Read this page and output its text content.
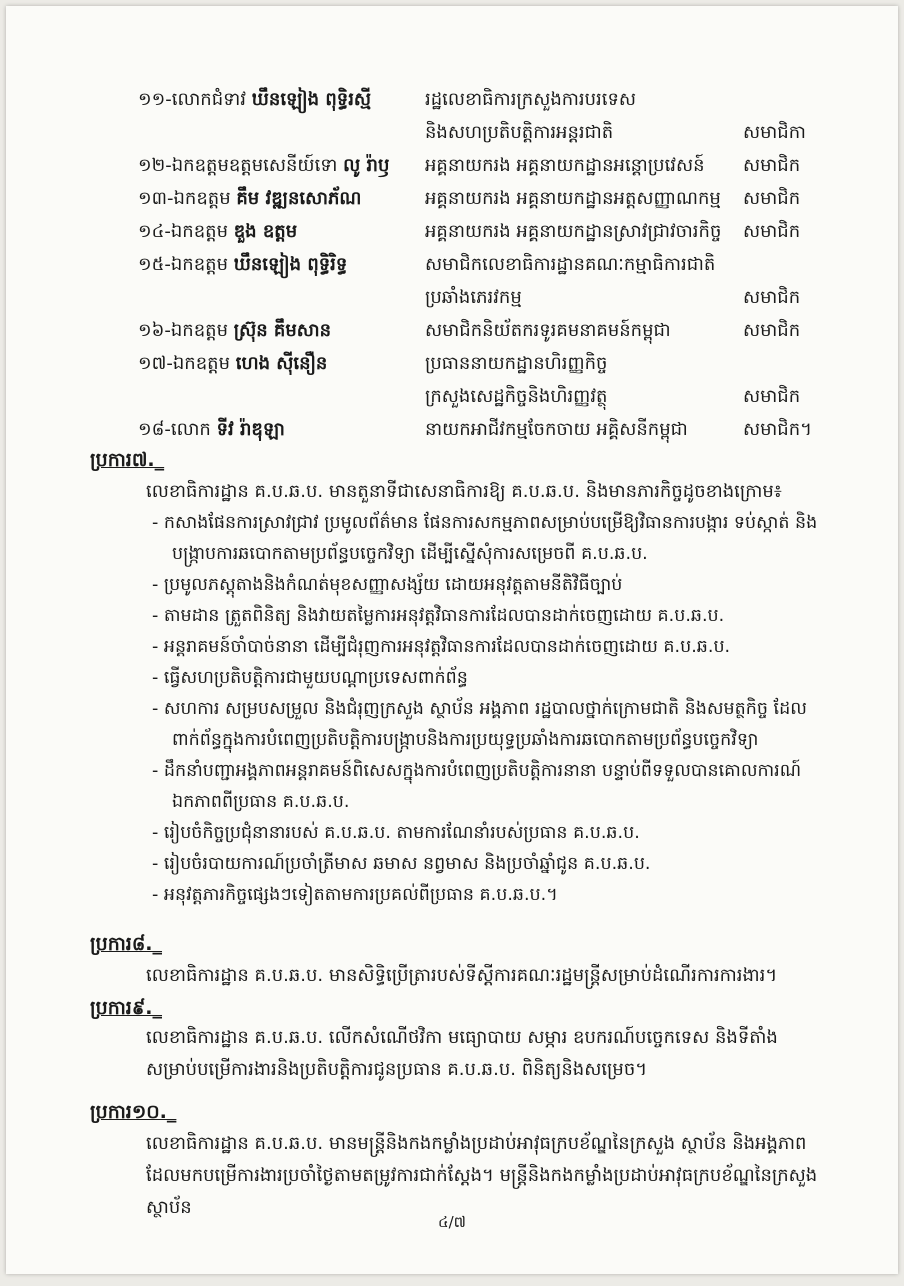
១១-លោកជំទាវ ឃឹនឡៀង ពុទ្ធិរស្មី	រដ្ឋលេខាធិការក្រសួងការបរទេស
និងសហប្រតិបត្តិការអន្តរជាតិ	សមាជិកា
១២-ឯកឧត្តមឧត្តមសេនីយ៍ទោ លូ រ៉ាឫ	អគ្គនាយករង អគ្គនាយកដ្ឋានអន្តោប្រវេសន៍	សមាជិក
១៣-ឯកឧត្តម គឹម វឌ្ឍនសោភ័ណ	អគ្គនាយករង អគ្គនាយកដ្ឋានអត្តសញ្ញាណកម្ម	សមាជិក
១៤-ឯកឧត្តម ឌួង ឧត្តម	អគ្គនាយករង អគ្គនាយកដ្ឋានស្រាវជ្រាវចារកិច្ច	សមាជិក
១៥-ឯកឧត្តម ឃឹនឡៀង ពុទ្ធិរិទ្ធ	សមាជិកលេខាធិការដ្ឋានគណៈកម្មាធិការជាតិ
ប្រឆាំងភេរវកម្ម	សមាជិក
១៦-ឯកឧត្តម ស្រ៊ុន គឹមសាន	សមាជិកនិយ័តករទូរគមនាគមន៍កម្ពុជា	សមាជិក
១៧-ឯកឧត្តម ហេង ស៊ីនឿន	ប្រធាននាយកដ្ឋានហិរញ្ញកិច្ច
ក្រសួងសេដ្ឋកិច្ចនិងហិរញ្ញវត្ថុ	សមាជិក
១៨-លោក ទីវ រ៉ាឌុឡា	នាយកអាជីវកម្មចែកចាយ អគ្គិសនីកម្ពុជា	សមាជិក។
ប្រការ៧._
លេខាធិការដ្ឋាន គ.ប.ឆ.ប. មានតួនាទីជាសេនាធិការឱ្យ គ.ប.ឆ.ប. និងមានភារកិច្ចដូចខាងក្រោម៖
- កសាងផែនការស្រាវជ្រាវ ប្រមូលព័ត៌មាន ផែនការសកម្មភាពសម្រាប់បម្រើឱ្យវិធានការបង្ការ ទប់ស្កាត់ និងបង្ក្រាបការឆបោកតាមប្រព័ន្ធបច្ចេកវិទ្យា ដើម្បីស្នើសុំការសម្រេចពី គ.ប.ឆ.ប.
- ប្រមូលភស្តុតាងនិងកំណត់មុខសញ្ញាសង្ស័យ ដោយអនុវត្តតាមនីតិវិធីច្បាប់
- តាមដាន ត្រួតពិនិត្យ និងវាយតម្លៃការអនុវត្តវិធានការដែលបានដាក់ចេញដោយ គ.ប.ឆ.ប.
- អន្តរាគមន៍ចាំបាច់នានា ដើម្បីជំរុញការអនុវត្តវិធានការដែលបានដាក់ចេញដោយ គ.ប.ឆ.ប.
- ធ្វើសហប្រតិបត្តិការជាមួយបណ្តាប្រទេសពាក់ព័ន្ធ
- សហការ សម្របសម្រួល និងជំរុញក្រសួង ស្ថាប័ន អង្គភាព រដ្ឋបាលថ្នាក់ក្រោមជាតិ និងសមត្ថកិច្ច ដែលពាក់ព័ន្ធក្នុងការបំពេញប្រតិបត្តិការបង្ក្រាបនិងការប្រយុទ្ធប្រឆាំងការឆបោកតាមប្រព័ន្ធបច្ចេកវិទ្យា
- ដឹកនាំបញ្ជាអង្គភាពអន្តរាគមន៍ពិសេសក្នុងការបំពេញប្រតិបត្តិការនានា បន្ទាប់ពីទទួលបានគោលការណ៍ ឯកភាពពីប្រធាន គ.ប.ឆ.ប.
- រៀបចំកិច្ចប្រជុំនានារបស់ គ.ប.ឆ.ប. តាមការណែនាំរបស់ប្រធាន គ.ប.ឆ.ប.
- រៀបចំរបាយការណ៍ប្រចាំត្រីមាស ឆមាស នព្វមាស និងប្រចាំឆ្នាំជូន គ.ប.ឆ.ប.
- អនុវត្តភារកិច្ចផ្សេងៗទៀតតាមការប្រគល់ពីប្រធាន គ.ប.ឆ.ប.។
ប្រការ៨._
លេខាធិការដ្ឋាន គ.ប.ឆ.ប. មានសិទ្ធិប្រើត្រារបស់ទីស្ដីការគណៈរដ្ឋមន្ត្រីសម្រាប់ដំណើរការការងារ។
ប្រការ៩._
លេខាធិការដ្ឋាន គ.ប.ឆ.ប. លើកសំណើថវិកា មធ្យោបាយ សម្ភារ ឧបករណ៍បច្ចេកទេស និងទីតាំង សម្រាប់បម្រើការងារនិងប្រតិបត្តិការជូនប្រធាន គ.ប.ឆ.ប. ពិនិត្យនិងសម្រេច។
ប្រការ១០._
លេខាធិការដ្ឋាន គ.ប.ឆ.ប. មានមន្ត្រីនិងកងកម្លាំងប្រដាប់អាវុធក្របខ័ណ្ឌនៃក្រសួង ស្ថាប័ន និងអង្គភាព ដែលមកបម្រើការងារប្រចាំថ្ងៃតាមតម្រូវការជាក់ស្តែង។ មន្ត្រីនិងកងកម្លាំងប្រដាប់អាវុធក្របខ័ណ្ឌនៃក្រសួង ស្ថាប័ន
៤/៧
